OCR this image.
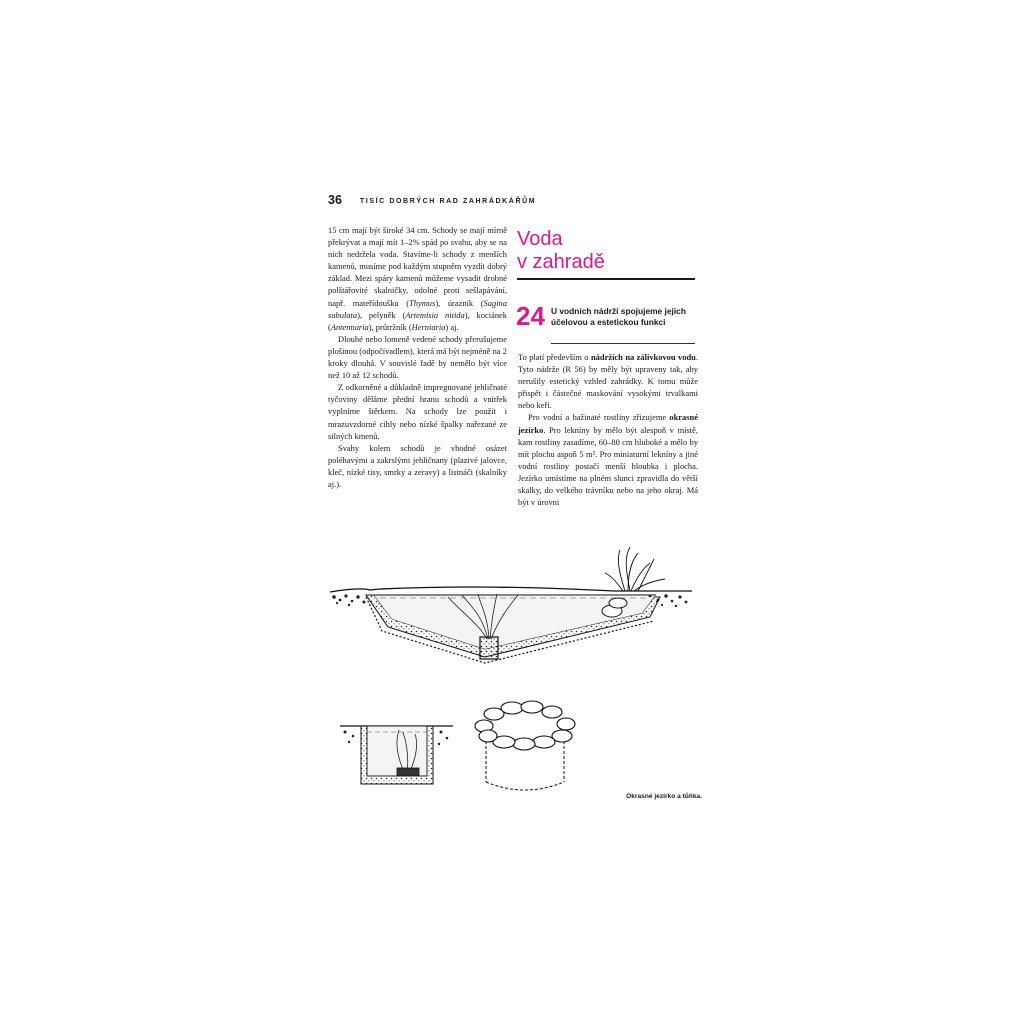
36	TISÍC DOBRÝCH RAD ZAHRÁDKÁŘŮM

15 cm mají být široké 34 cm. Schody se mají mírně překrývat a mají mít 1–2% spád po svahu, aby se na nich nedržela voda. Stavíme-li schody z menších kamenů, musíme pod každým stupněm vyzdít dobrý základ. Mezi spáry kamenů můžeme vysadit drobné polštářovité skalničky, odolné proti sešlapávání, např. mateřídoušku (Thymus), úraznik (Sagina subulata), pelyněk (Artemisia nitida), kociánek (Antennaria), průtržník (Herniaria) aj.

Dlouhé nebo lomeně vedené schody přerušujeme plošinou (odpočívadlem), která má být nejméně na 2 kroky dlouhá. V souvislé řadě by nemělo být více než 10 až 12 schodů.

Z odkorněné a důkladně impregnované jehličnaté tyčoviny děláme přední hranu schodů a vnitřek vyplníme štěrkem. Na schody lze použít i mrazuvzdorné cihly nebo nízké špalky nařezané ze silných kmenů.

Svahy kolem schodů je vhodné osázet poléhavými a zakrslými jehličnany (plazivé jalovce, kleč, nízké tisy, smrky a zeravy) a listnáči (skalníky aj.).

Voda
v zahradě
24 U vodních nádrží spojujeme jejich účelovou a estetickou funkci

To platí především o nádržích na zálivkovou vodu. Tyto nádrže (R 56) by měly být upraveny tak, aby nerušily estetický vzhled zahrádky. K tomu může přispět i částečné maskování vysokými trvalkami nebo keři.

Pro vodní a bažinaté rostliny zřizujeme okrasné jezírko. Pro lekníny by mělo být alespoň v místě, kam rostliny zasadíme, 60–80 cm hluboké a mělo by mít plochu aspoň 5 m². Pro miniaturní lekníny a jiné vodní rostliny postačí menší hloubka i plocha. Jezírko umístíme na plném slunci zpravidla do větší skalky, do velkého trávníku nebo na jeho okraj. Má být v úrovni

Okrasné jezírko a tůňka.
